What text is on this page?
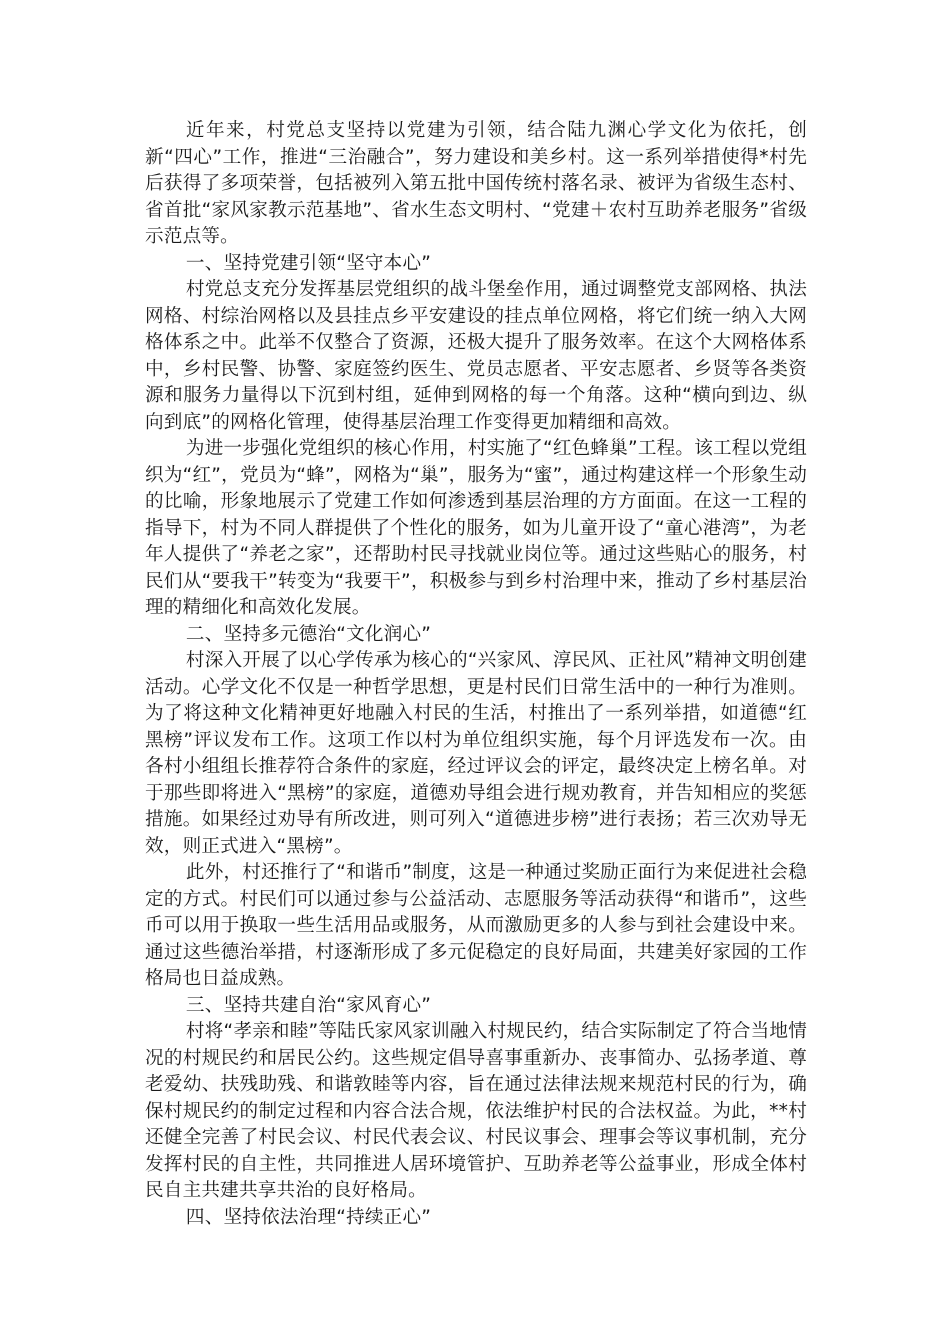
近年来，村党总支坚持以党建为引领，结合陆九渊心学文化为依托，创新“四心”工作，推进“三治融合”，努力建设和美乡村。这一系列举措使得*村先后获得了多项荣誉，包括被列入第五批中国传统村落名录、被评为省级生态村、省首批“家风家教示范基地”、省水生态文明村、“党建＋农村互助养老服务”省级示范点等。

一、坚持党建引领“坚守本心”

村党总支充分发挥基层党组织的战斗堡垒作用，通过调整党支部网格、执法网格、村综治网格以及县挂点乡平安建设的挂点单位网格，将它们统一纳入大网格体系之中。此举不仅整合了资源，还极大提升了服务效率。在这个大网格体系中，乡村民警、协警、家庭签约医生、党员志愿者、平安志愿者、乡贤等各类资源和服务力量得以下沉到村组，延伸到网格的每一个角落。这种“横向到边、纵向到底”的网格化管理，使得基层治理工作变得更加精细和高效。

为进一步强化党组织的核心作用，村实施了“红色蜂巢”工程。该工程以党组织为“红”，党员为“蜂”，网格为“巢”，服务为“蜜”，通过构建这样一个形象生动的比喻，形象地展示了党建工作如何渗透到基层治理的方方面面。在这一工程的指导下，村为不同人群提供了个性化的服务，如为儿童开设了“童心港湾”，为老年人提供了“养老之家”，还帮助村民寻找就业岗位等。通过这些贴心的服务，村民们从“要我干”转变为“我要干”，积极参与到乡村治理中来，推动了乡村基层治理的精细化和高效化发展。

二、坚持多元德治“文化润心”

村深入开展了以心学传承为核心的“兴家风、淳民风、正社风”精神文明创建活动。心学文化不仅是一种哲学思想，更是村民们日常生活中的一种行为准则。为了将这种文化精神更好地融入村民的生活，村推出了一系列举措，如道德“红黑榜”评议发布工作。这项工作以村为单位组织实施，每个月评选发布一次。由各村小组组长推荐符合条件的家庭，经过评议会的评定，最终决定上榜名单。对于那些即将进入“黑榜”的家庭，道德劝导组会进行规劝教育，并告知相应的奖惩措施。如果经过劝导有所改进，则可列入“道德进步榜”进行表扬；若三次劝导无效，则正式进入“黑榜”。

此外，村还推行了“和谐币”制度，这是一种通过奖励正面行为来促进社会稳定的方式。村民们可以通过参与公益活动、志愿服务等活动获得“和谐币”，这些币可以用于换取一些生活用品或服务，从而激励更多的人参与到社会建设中来。通过这些德治举措，村逐渐形成了多元促稳定的良好局面，共建美好家园的工作格局也日益成熟。

三、坚持共建自治“家风育心”

村将“孝亲和睦”等陆氏家风家训融入村规民约，结合实际制定了符合当地情况的村规民约和居民公约。这些规定倡导喜事重新办、丧事简办、弘扬孝道、尊老爱幼、扶残助残、和谐敦睦等内容，旨在通过法律法规来规范村民的行为，确保村规民约的制定过程和内容合法合规，依法维护村民的合法权益。为此，**村还健全完善了村民会议、村民代表会议、村民议事会、理事会等议事机制，充分发挥村民的自主性，共同推进人居环境管护、互助养老等公益事业，形成全体村民自主共建共享共治的良好格局。

四、坚持依法治理“持续正心”
